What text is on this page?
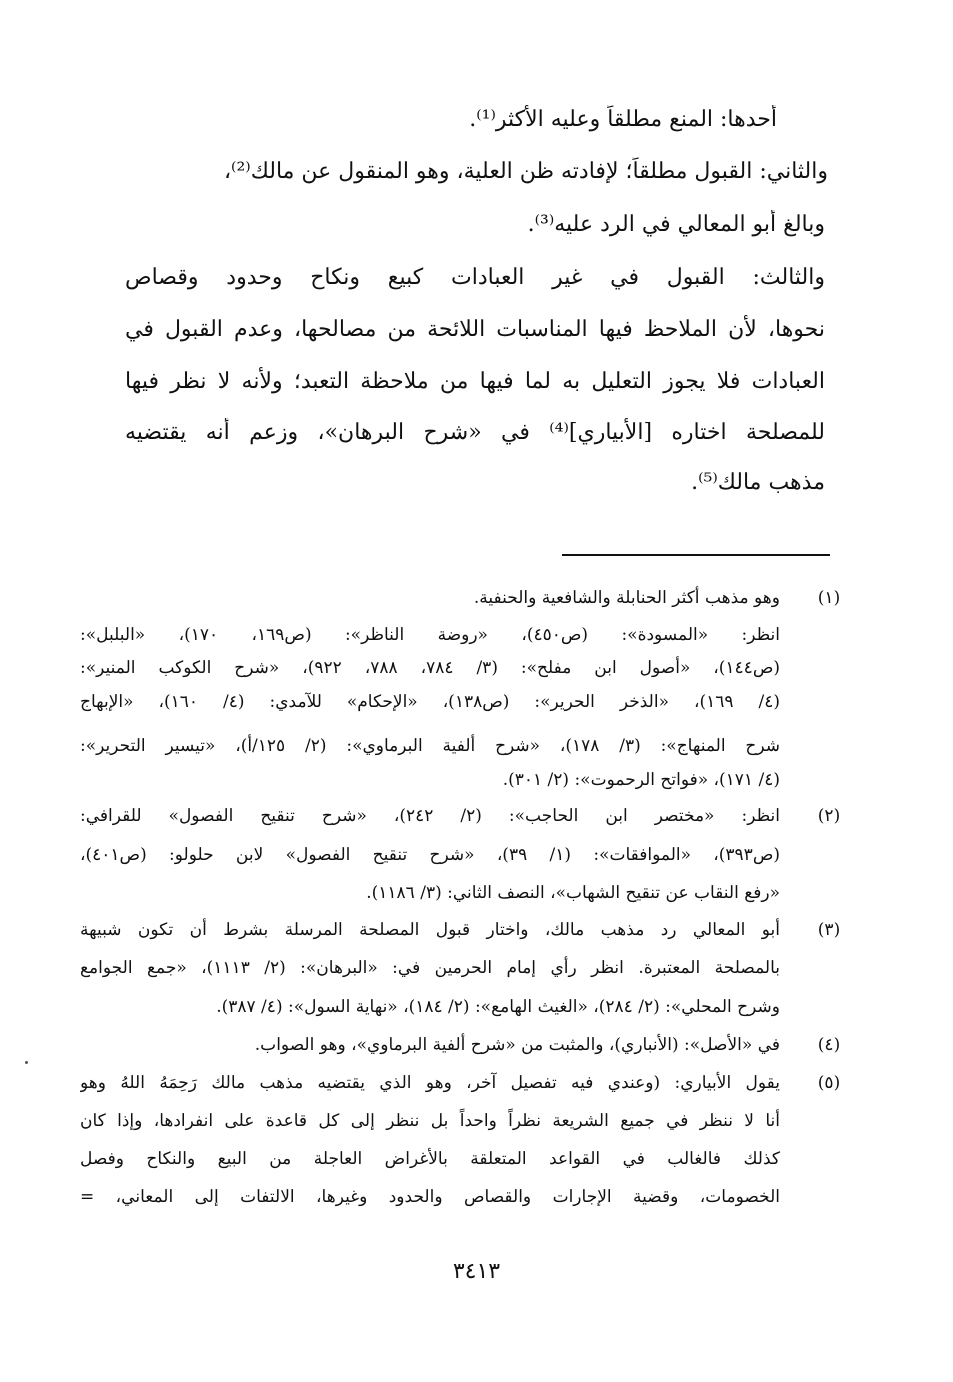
أحدها: المنع مطلقاً وعليه الأكثر⁽¹⁾.
والثاني: القبول مطلقاً؛ لإفادته ظن العلية، وهو المنقول عن مالك⁽²⁾،
وبالغ أبو المعالي في الرد عليه⁽³⁾.
والثالث: القبول في غير العبادات كبيع ونكاح وحدود وقصاص
نحوها، لأن الملاحظ فيها المناسبات اللائحة من مصالحها، وعدم القبول في
العبادات فلا يجوز التعليل به لما فيها من ملاحظة التعبد؛ ولأنه لا نظر فيها
للمصلحة اختاره [الأَبياري]⁽⁴⁾ في «شرح البرهان»، وزعم أنه يقتضيه
مذهب مالك⁽⁵⁾.
(١)
وهو مذهب أكثر الحنابلة والشافعية والحنفية.
انظر: «المسودة»: (ص٤٥٠)، «روضة الناظر»: (ص١٦٩، ١٧٠)، «البلبل»:
(ص١٤٤)، «أصول ابن مفلح»: (٣/ ٧٨٤، ٧٨٨، ٩٢٢)، «شرح الكوكب المنير»:
(٤/ ١٦٩)، «الذخر الحرير»: (ص١٣٨)، «الإحكام» للآمدي: (٤/ ١٦٠)، «الإبهاج
شرح المنهاج»: (٣/ ١٧٨)، «شرح ألفية البرماوي»: (٢/ ١٢٥/أ)، «تيسير التحرير»:
(٤/ ١٧١)، «فواتح الرحموت»: (٢/ ٣٠١).
(٢)
انظر: «مختصر ابن الحاجب»: (٢/ ٢٤٢)، «شرح تنقيح الفصول» للقرافي:
(ص٣٩٣)، «الموافقات»: (١/ ٣٩)، «شرح تنقيح الفصول» لابن حلولو: (ص٤٠١)،
«رفع النقاب عن تنقيح الشهاب»، النصف الثاني: (٣/ ١١٨٦).
(٣)
أبو المعالي رد مذهب مالك، واختار قبول المصلحة المرسلة بشرط أن تكون شبيهة
بالمصلحة المعتبرة. انظر رأي إمام الحرمين في: «البرهان»: (٢/ ١١١٣)، «جمع الجوامع
وشرح المحلي»: (٢/ ٢٨٤)، «الغيث الهامع»: (٢/ ١٨٤)، «نهاية السول»: (٤/ ٣٨٧).
(٤)
في «الأصل»: (الأنباري)، والمثبت من «شرح ألفية البرماوي»، وهو الصواب.
(٥)
يقول الأبياري: (وعندي فيه تفصيل آخر، وهو الذي يقتضيه مذهب مالك رَحِمَهُ اللهُ وهو
أنا لا ننظر في جميع الشريعة نظراً واحداً بل ننظر إلى كل قاعدة على انفرادها، وإذا كان
كذلك فالغالب في القواعد المتعلقة بالأغراض العاجلة من البيع والنكاح وفصل
الخصومات، وقضية الإجارات والقصاص والحدود وغيرها، الالتفات إلى المعاني، =
٣٤١٣
